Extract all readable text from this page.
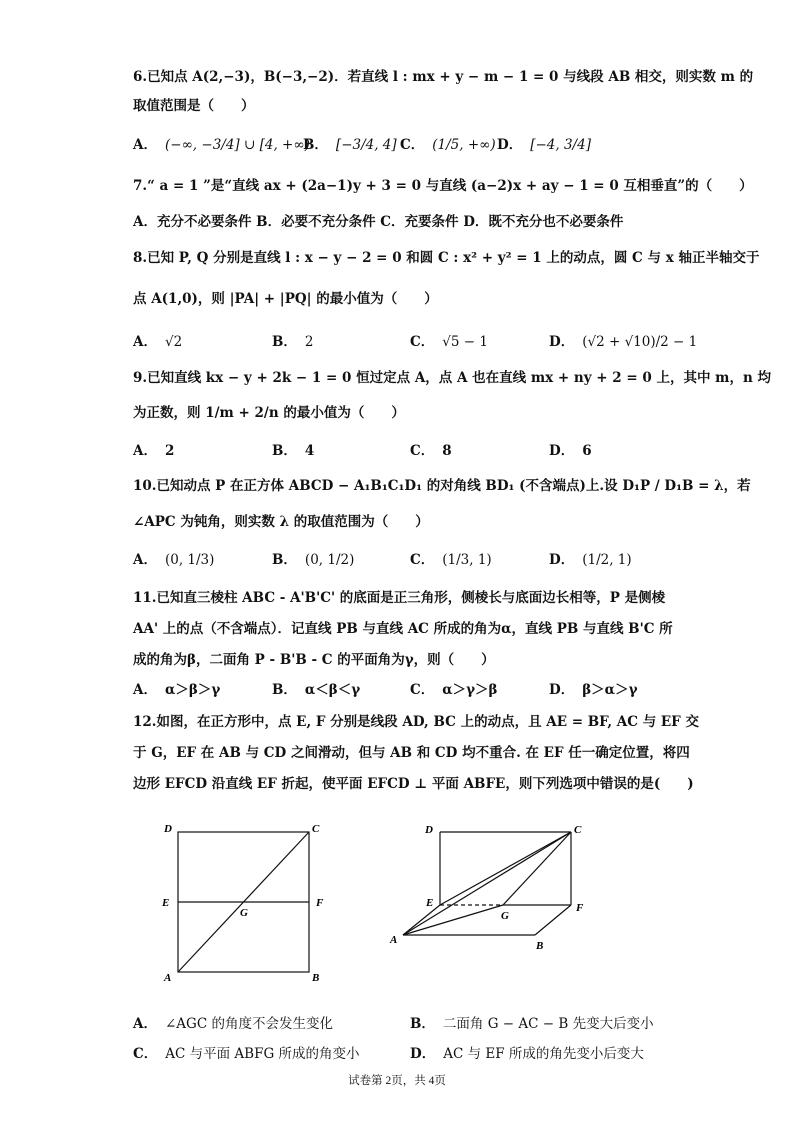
6.已知点 A(2,−3)，B(−3,−2)．若直线 l : mx + y − m − 1 = 0 与线段 AB 相交，则实数 m 的
取值范围是（　　）
A． (−∞, −3/4] ∪ [4, +∞)
B． [−3/4, 4] C． (1/5, +∞) D． [−4, 3/4]
7.“ a = 1 ”是“直线 ax + (2a−1)y + 3 = 0 与直线 (a−2)x + ay − 1 = 0 互相垂直”的（　　）
A．充分不必要条件 B．必要不充分条件 C．充要条件 D．既不充分也不必要条件
8.已知 P, Q 分别是直线 l : x − y − 2 = 0 和圆 C : x² + y² = 1 上的动点，圆 C 与 x 轴正半轴交于
点 A(1,0)，则 |PA| + |PQ| 的最小值为（　　）
A． √2	B． 2	C． √5 − 1	D． (√2 + √10)/2 − 1
9.已知直线 kx − y + 2k − 1 = 0 恒过定点 A，点 A 也在直线 mx + ny + 2 = 0 上，其中 m，n 均
为正数，则 1/m + 2/n 的最小值为（　　）
A． 2	B． 4	C． 8	D． 6
10.已知动点 P 在正方体 ABCD − A₁B₁C₁D₁ 的对角线 BD₁ (不含端点)上.设 D₁P / D₁B = λ，若
∠APC 为钝角，则实数 λ 的取值范围为（　　）
A． (0, 1/3)	B． (0, 1/2)	C． (1/3, 1)	D． (1/2, 1)
11.已知直三棱柱 ABC - A'B'C' 的底面是正三角形，侧棱长与底面边长相等，P 是侧棱
AA' 上的点（不含端点）．记直线 PB 与直线 AC 所成的角为α，直线 PB 与直线 B'C 所
成的角为β，二面角 P - B'B - C 的平面角为γ，则（　　）
A． α＞β＞γ	B． α＜β＜γ	C． α＞γ＞β	D． β＞α＞γ
12.如图，在正方形中，点 E, F 分别是线段 AD, BC 上的动点，且 AE = BF, AC 与 EF 交
于 G，EF 在 AB 与 CD 之间滑动，但与 AB 和 CD 均不重合. 在 EF 任一确定位置，将四
边形 EFCD 沿直线 EF 折起，使平面 EFCD ⊥ 平面 ABFE，则下列选项中错误的是(　　)
D	C
E
G
F
A	B
D	C
E
G
F
A	B
A． ∠AGC 的角度不会发生变化	B． 二面角 G − AC − B 先变大后变小
C． AC 与平面 ABFG 所成的角变小	D． AC 与 EF 所成的角先变小后变大
试卷第 2页，共 4页
